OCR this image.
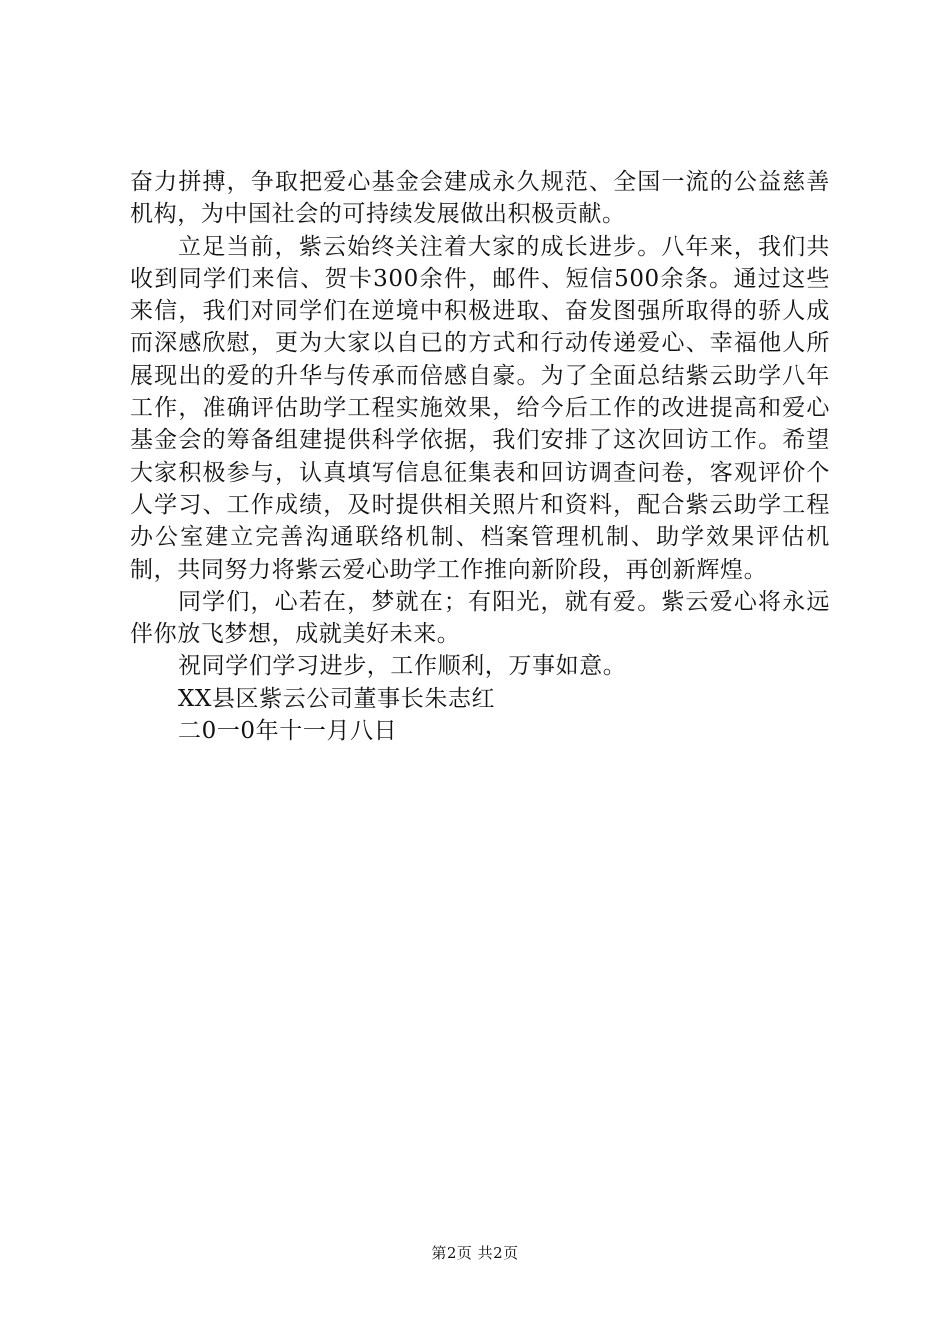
奋力拼搏，争取把爱心基金会建成永久规范、全国一流的公益慈善机构，为中国社会的可持续发展做出积极贡献。

立足当前，紫云始终关注着大家的成长进步。八年来，我们共收到同学们来信、贺卡300余件，邮件、短信500余条。通过这些来信，我们对同学们在逆境中积极进取、奋发图强所取得的骄人成而深感欣慰，更为大家以自已的方式和行动传递爱心、幸福他人所展现出的爱的升华与传承而倍感自豪。为了全面总结紫云助学八年工作，准确评估助学工程实施效果，给今后工作的改进提高和爱心基金会的筹备组建提供科学依据，我们安排了这次回访工作。希望大家积极参与，认真填写信息征集表和回访调查问卷，客观评价个人学习、工作成绩，及时提供相关照片和资料，配合紫云助学工程办公室建立完善沟通联络机制、档案管理机制、助学效果评估机制，共同努力将紫云爱心助学工作推向新阶段，再创新辉煌。

同学们，心若在，梦就在；有阳光，就有爱。紫云爱心将永远伴你放飞梦想，成就美好未来。

祝同学们学习进步，工作顺利，万事如意。

XX县区紫云公司董事长朱志红

二0一0年十一月八日

第2页 共2页
